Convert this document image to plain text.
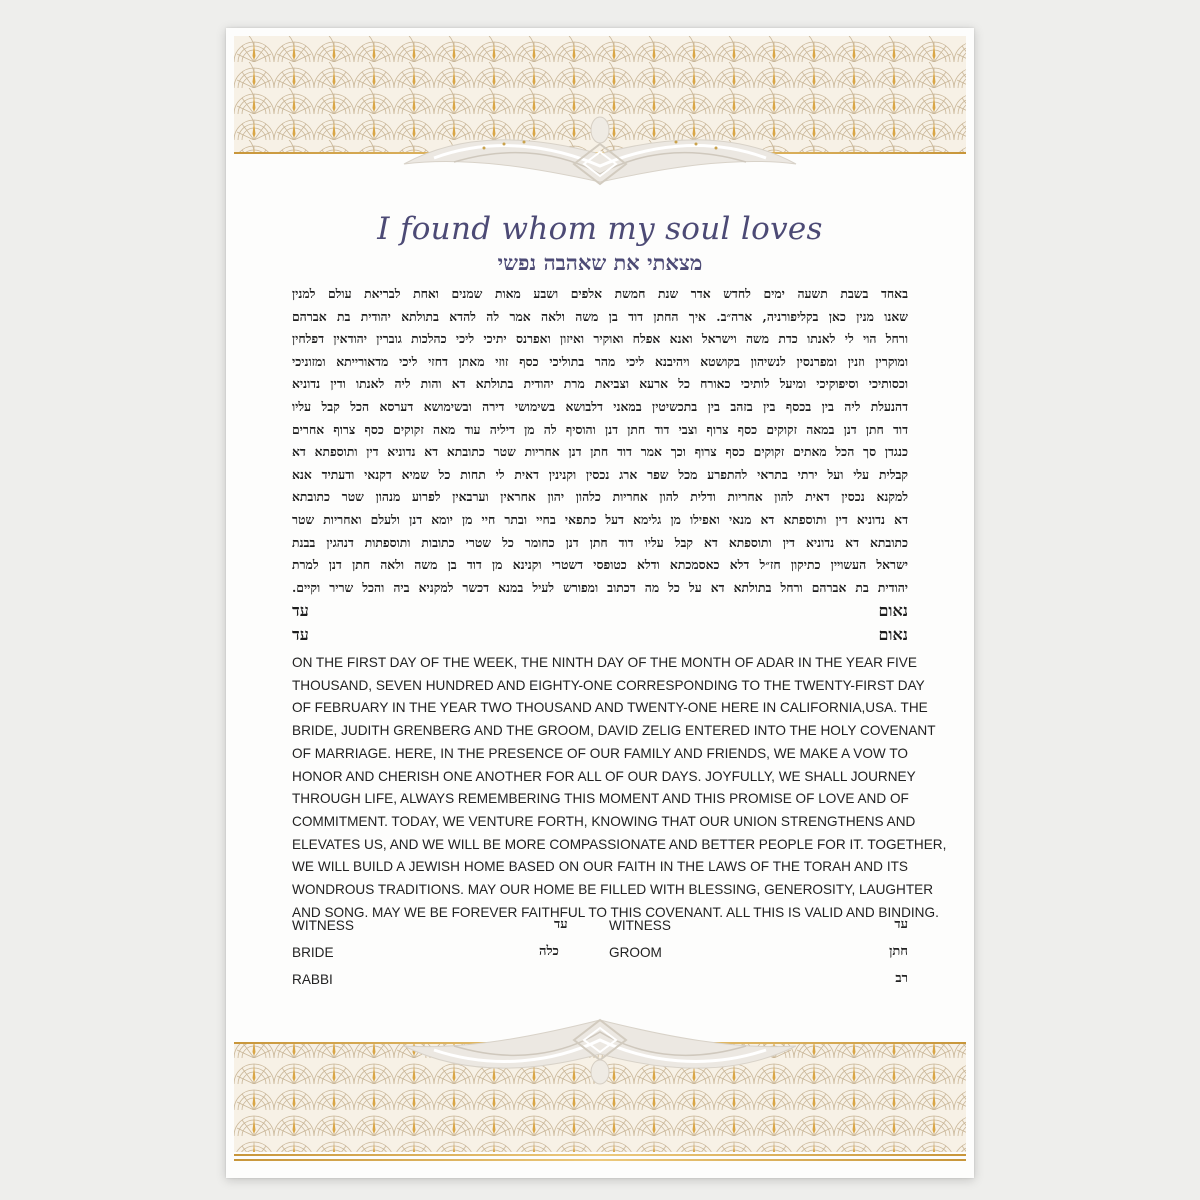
I found whom my soul loves
מצאתי את שאהבה נפשי
באחד בשבת תשעה ימים לחדש אדר שנת חמשת אלפים ושבע מאות שמנים ואחת לבריאת עולם למנין
שאנו מנין כאן בקליפורניה, ארה״ב. איך החתן דוד בן משה ולאה אמר לה להדא בתולתא יהודית בת אברהם
ורחל הוי לי לאנתו כדת משה וישראל ואנא אפלח ואוקיר ואיזון ואפרנס יתיכי ליכי כהלכות גוברין יהודאין דפלחין
ומוקרין וזנין ומפרנסין לנשיהון בקושטא ויהיבנא ליכי מהר בתוליכי כסף זוזי מאתן דחזי ליכי מדאורייתא ומזוניכי
וכסותיכי וסיפוקיכי ומיעל לותיכי כאורח כל ארעא וצביאת מרת יהודית בתולתא דא והות ליה לאנתו ודין נדוניא
דהנעלת ליה בין בכסף בין בזהב בין בתכשיטין במאני דלבושא בשימושי דירה ובשימושא דערסא הכל קבל עליו
דוד חתן דנן במאה זקוקים כסף צרוף וצבי דוד חתן דנן והוסיף לה מן דיליה עוד מאה זקוקים כסף צרוף אחרים
כנגדן סך הכל מאתים זקוקים כסף צרוף וכך אמר דוד חתן דנן אחריות שטר כתובתא דא נדוניא דין ותוספתא דא
קבלית עלי ועל ירתי בתראי להתפרע מכל שפר ארג נכסין וקנינין דאית לי תחות כל שמיא דקנאי ודעתיד אנא
למקנא נכסין דאית להון אחריות ודלית להון אחריות כלהון יהון אחראין וערבאין לפרוע מנהון שטר כתובתא
דא נדוניא דין ותוספתא דא מנאי ואפילו מן גלימא דעל כתפאי בחיי ובתר חיי מן יומא דנן ולעלם ואחריות שטר
כתובתא דא נדוניא דין ותוספתא דא קבל עליו דוד חתן דנן כחומר כל שטרי כתובות ותוספתות דנהגין בבנת
ישראל העשויין כתיקון חז״ל דלא כאסמכתא ודלא כטופסי דשטרי וקנינא מן דוד בן משה ולאה חתן דנן למרת
יהודית בת אברהם ורחל בתולתא דא על כל מה דכתוב ומפורש לעיל במנא דכשר למקניא ביה והכל שריר וקיים.
נאום
עד
נאום
עד
ON THE FIRST DAY OF THE WEEK, THE NINTH DAY OF THE MONTH OF ADAR IN THE YEAR FIVE
THOUSAND, SEVEN HUNDRED AND EIGHTY-ONE CORRESPONDING TO THE TWENTY-FIRST DAY
OF FEBRUARY IN THE YEAR TWO THOUSAND AND TWENTY-ONE HERE IN CALIFORNIA,USA. THE
BRIDE, JUDITH GRENBERG AND THE GROOM, DAVID ZELIG ENTERED INTO THE HOLY COVENANT
OF MARRIAGE. HERE, IN THE PRESENCE OF OUR FAMILY AND FRIENDS, WE MAKE A VOW TO
HONOR AND CHERISH ONE ANOTHER FOR ALL OF OUR DAYS. JOYFULLY, WE SHALL JOURNEY
THROUGH LIFE, ALWAYS REMEMBERING THIS MOMENT AND THIS PROMISE OF LOVE AND OF
COMMITMENT. TODAY, WE VENTURE FORTH, KNOWING THAT OUR UNION STRENGTHENS AND
ELEVATES US, AND WE WILL BE MORE COMPASSIONATE AND BETTER PEOPLE FOR IT. TOGETHER,
WE WILL BUILD A JEWISH HOME BASED ON OUR FAITH IN THE LAWS OF THE TORAH AND ITS
WONDROUS TRADITIONS. MAY OUR HOME BE FILLED WITH BLESSING, GENEROSITY, LAUGHTER
AND SONG. MAY WE BE FOREVER FAITHFUL TO THIS COVENANT. ALL THIS IS VALID AND BINDING.
WITNESS	עד	WITNESS	עד
BRIDE	כלה	GROOM	חתן
RABBI	רב
